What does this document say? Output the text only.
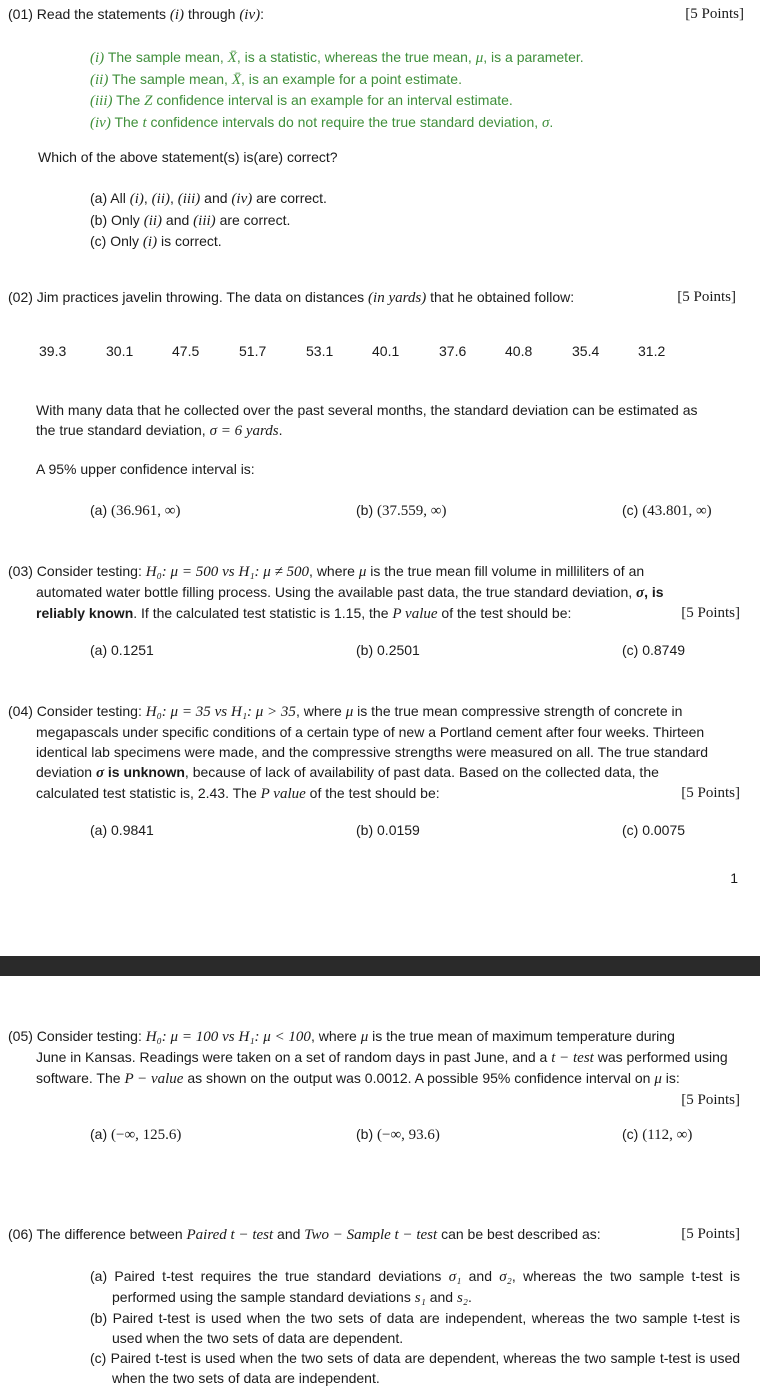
(01) Read the statements (i) through (iv):	[5 Points]
(i) The sample mean, X̄, is a statistic, whereas the true mean, μ, is a parameter.
(ii) The sample mean, X̄, is an example for a point estimate.
(iii) The Z confidence interval is an example for an interval estimate.
(iv) The t confidence intervals do not require the true standard deviation, σ.
Which of the above statement(s) is(are) correct?
(a) All (i), (ii), (iii) and (iv) are correct.
(b) Only (ii) and (iii) are correct.
(c) Only (i) is correct.
(02) Jim practices javelin throwing. The data on distances (in yards) that he obtained follow:	[5 Points]
39.3	30.1	47.5	51.7	53.1	40.1	37.6	40.8	35.4	31.2
With many data that he collected over the past several months, the standard deviation can be estimated as
the true standard deviation, σ = 6 yards.
A 95% upper confidence interval is:
(a) (36.961, ∞)	(b) (37.559, ∞)	(c) (43.801, ∞)
(03) Consider testing: H₀: μ = 500 vs H₁: μ ≠ 500, where μ is the true mean fill volume in milliliters of an
automated water bottle filling process. Using the available past data, the true standard deviation, σ, is
reliably known. If the calculated test statistic is 1.15, the P value of the test should be:	[5 Points]
(a) 0.1251	(b) 0.2501	(c) 0.8749
(04) Consider testing: H₀: μ = 35 vs H₁: μ > 35, where μ is the true mean compressive strength of concrete in
megapascals under specific conditions of a certain type of new a Portland cement after four weeks. Thirteen
identical lab specimens were made, and the compressive strengths were measured on all. The true standard
deviation σ is unknown, because of lack of availability of past data. Based on the collected data, the
calculated test statistic is, 2.43. The P value of the test should be:	[5 Points]
(a) 0.9841	(b) 0.0159	(c) 0.0075
1
(05) Consider testing: H₀: μ = 100 vs H₁: μ < 100, where μ is the true mean of maximum temperature during
June in Kansas. Readings were taken on a set of random days in past June, and a t − test was performed using
software. The P − value as shown on the output was 0.0012. A possible 95% confidence interval on μ is:
[5 Points]
(a) (−∞, 125.6)	(b) (−∞, 93.6)	(c) (112, ∞)
(06) The difference between Paired t − test and Two − Sample t − test can be best described as:	[5 Points]
(a) Paired t-test requires the true standard deviations σ₁ and σ₂, whereas the two sample t-test is performed using the sample standard deviations s₁ and s₂.
(b) Paired t-test is used when the two sets of data are independent, whereas the two sample t-test is used when the two sets of data are dependent.
(c) Paired t-test is used when the two sets of data are dependent, whereas the two sample t-test is used when the two sets of data are independent.
